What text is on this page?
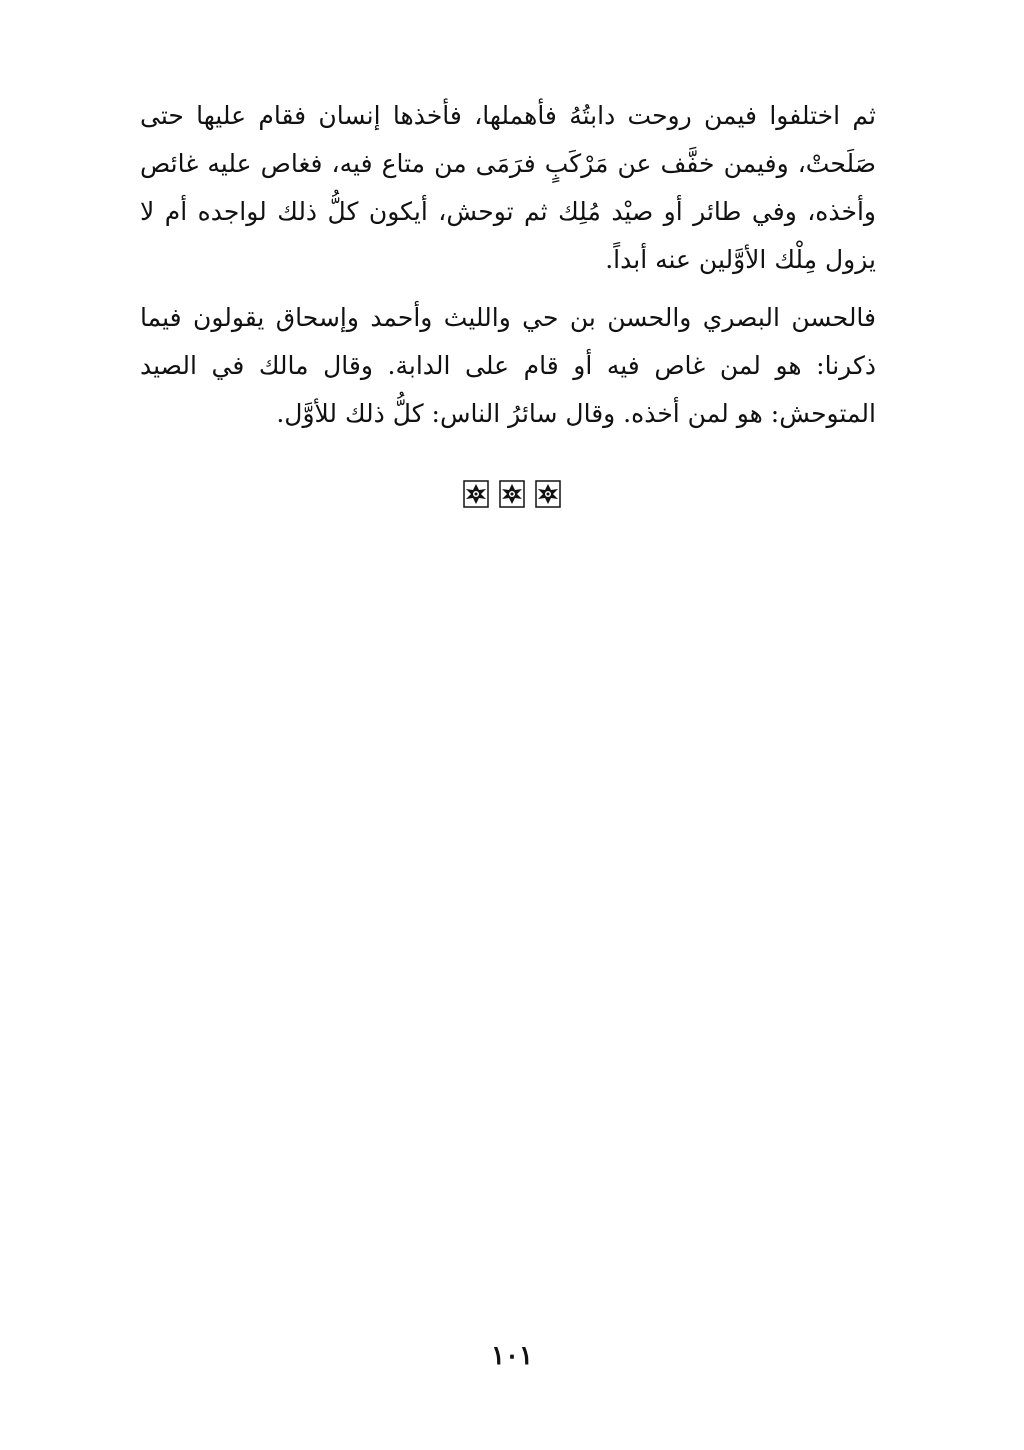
ثم اختلفوا فيمن روحت دابتُهُ فأهملها، فأخذها إنسان فقام عليها حتى صَلَحتْ، وفيمن خفَّف عن مَرْكَبٍ فرَمَى من متاع فيه، فغاص عليه غائص وأخذه، وفي طائر أو صيْد مُلِك ثم توحش، أيكون كلُّ ذلك لواجده أم لا يزول مِلْك الأوَّلين عنه أبداً.

فالحسن البصري والحسن بن حي والليث وأحمد وإسحاق يقولون فيما ذكرنا: هو لمن غاص فيه أو قام على الدابة. وقال مالك في الصيد المتوحش: هو لمن أخذه. وقال سائرُ الناس: كلُّ ذلك للأوَّل.

١٠١
